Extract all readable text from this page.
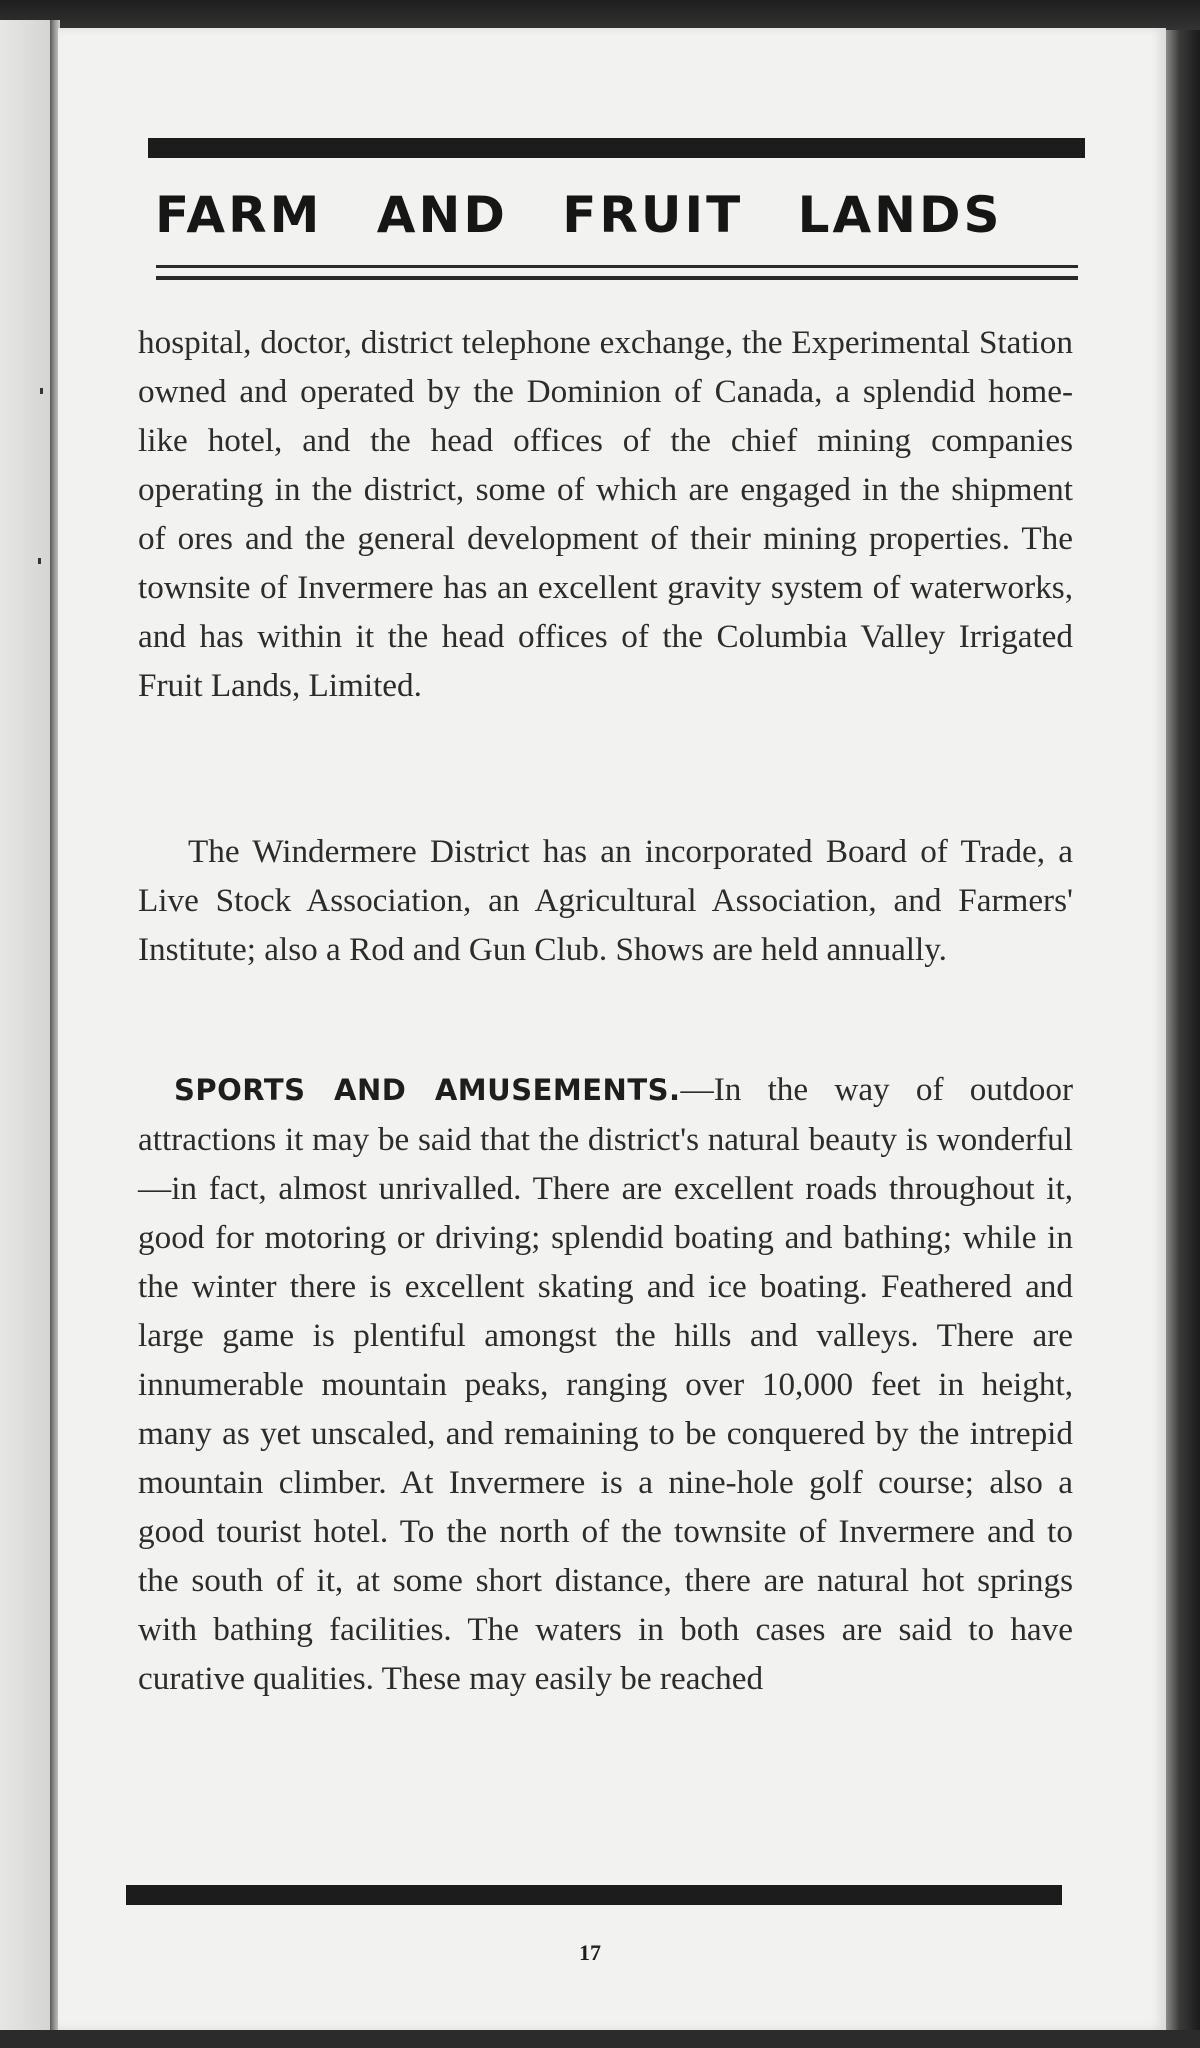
FARM AND FRUIT LANDS

hospital, doctor, district telephone exchange, the Experimental Station owned and operated by the Dominion of Canada, a splendid home-like hotel, and the head offices of the chief mining companies operating in the district, some of which are engaged in the shipment of ores and the general development of their mining properties. The townsite of Invermere has an excellent gravity system of waterworks, and has within it the head offices of the Columbia Valley Irrigated Fruit Lands, Limited.

The Windermere District has an incorporated Board of Trade, a Live Stock Association, an Agricultural Association, and Farmers' Institute; also a Rod and Gun Club. Shows are held annually.

SPORTS AND AMUSEMENTS.—In the way of outdoor attractions it may be said that the district's natural beauty is wonderful—in fact, almost unrivalled. There are excellent roads throughout it, good for motoring or driving; splendid boating and bathing; while in the winter there is excellent skating and ice boating. Feathered and large game is plentiful amongst the hills and valleys. There are innumerable mountain peaks, ranging over 10,000 feet in height, many as yet unscaled, and remaining to be conquered by the intrepid mountain climber. At Invermere is a nine-hole golf course; also a good tourist hotel. To the north of the townsite of Invermere and to the south of it, at some short distance, there are natural hot springs with bathing facilities. The waters in both cases are said to have curative qualities. These may easily be reached

17
